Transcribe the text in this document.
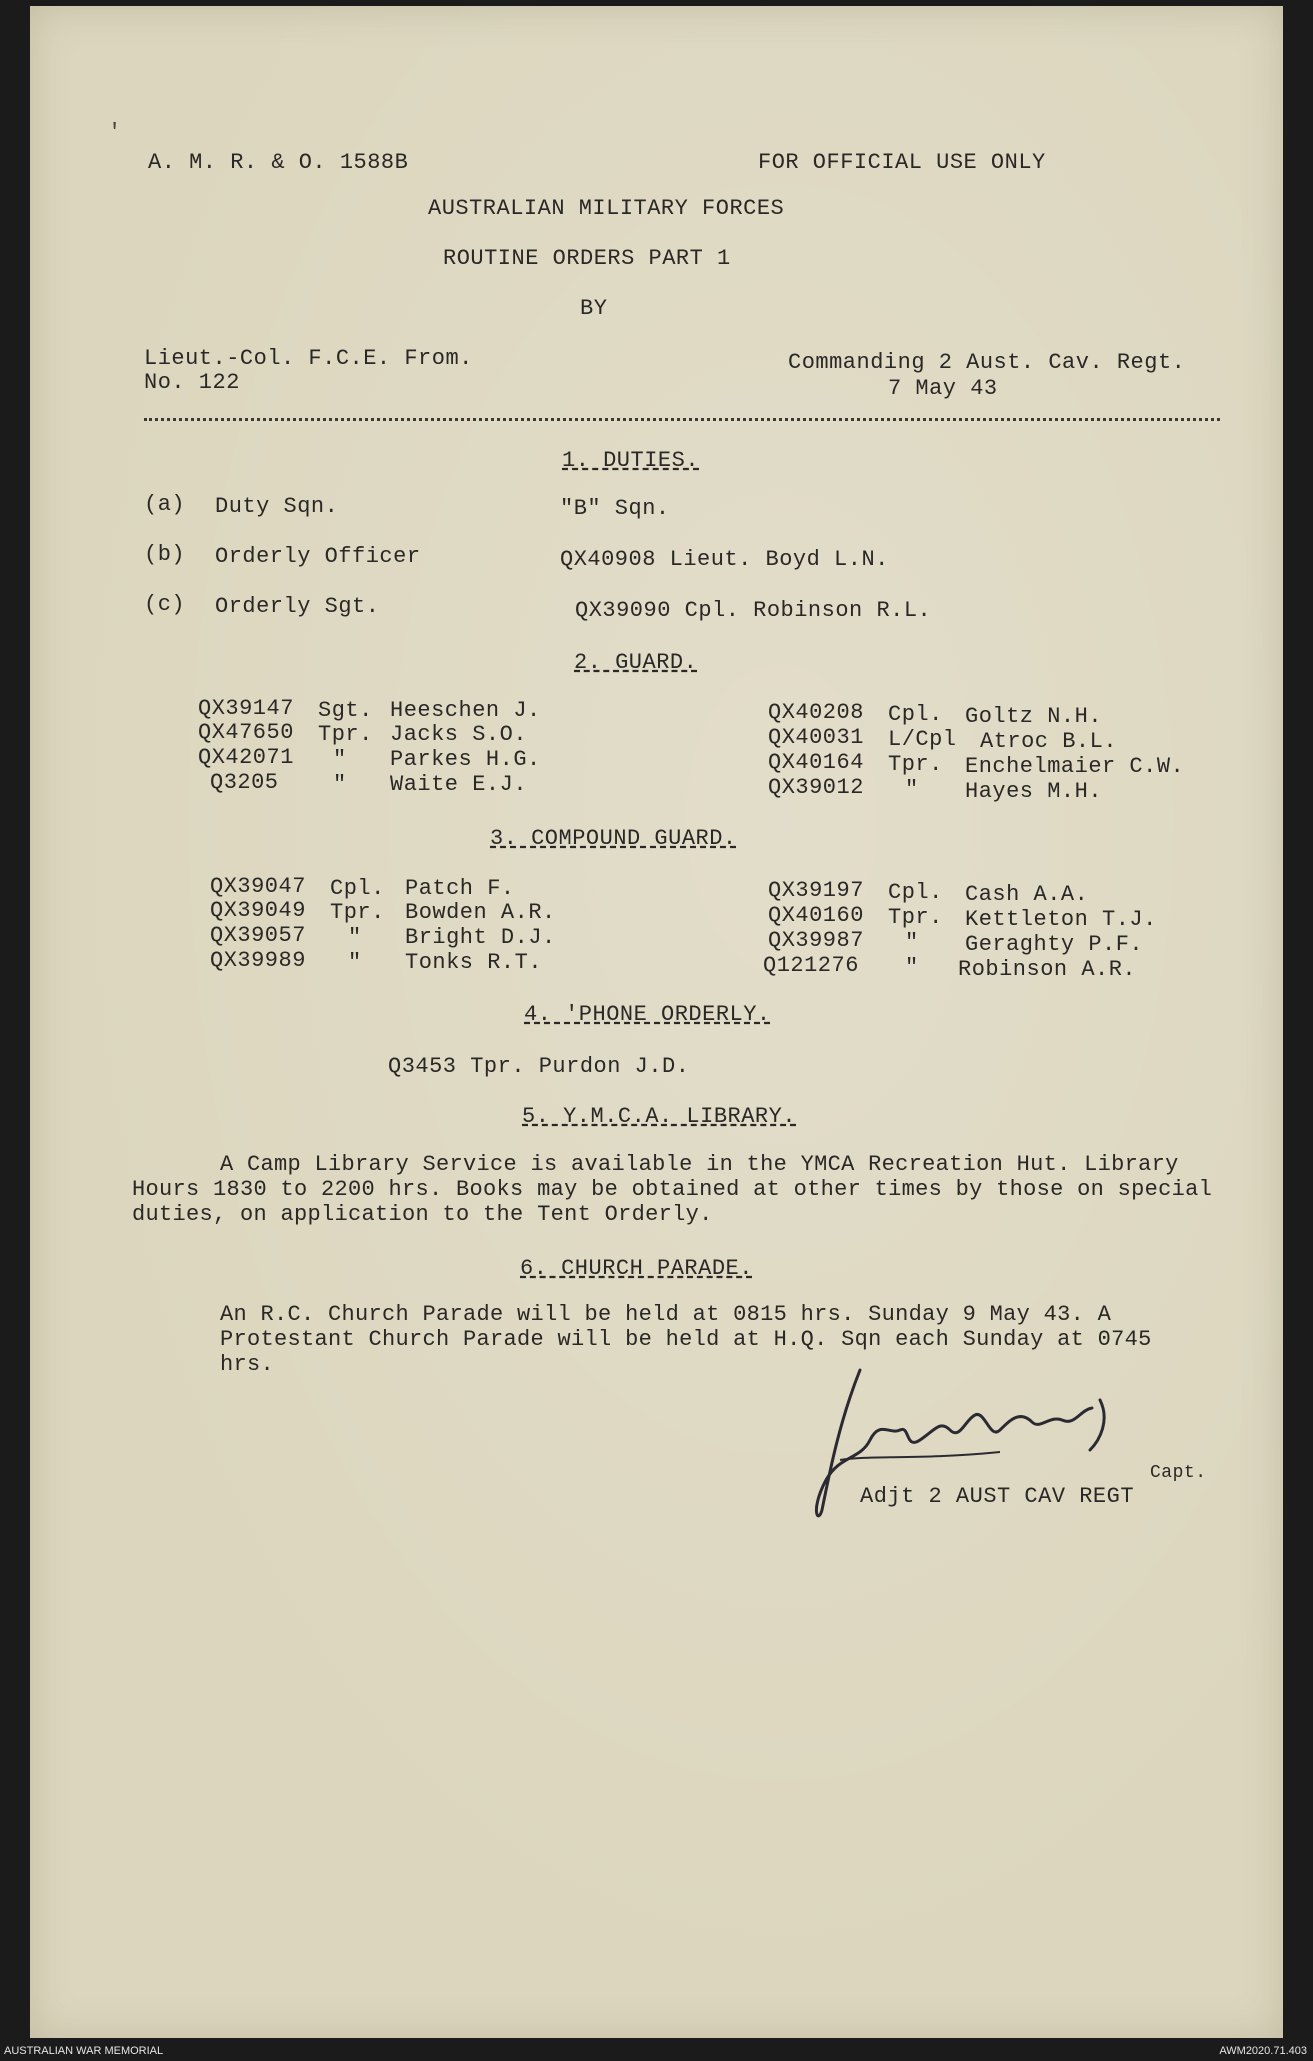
'
A. M. R. & O. 1588B	FOR OFFICIAL USE ONLY
AUSTRALIAN MILITARY FORCES
ROUTINE ORDERS PART 1
BY
Lieut.-Col. F.C.E. From.
No. 122
Commanding 2 Aust. Cav. Regt.
7 May 43
1. DUTIES.
(a) Duty Sqn.	"B" Sqn.
(b) Orderly Officer	QX40908 Lieut. Boyd L.N.
(c) Orderly Sgt.	QX39090 Cpl. Robinson R.L.
2. GUARD.
QX39147 Sgt. Heeschen J.
QX47650 Tpr. Jacks S.O.
QX42071 " Parkes H.G.
Q3205 " Waite E.J.
QX40208 Cpl. Goltz N.H.
QX40031 L/Cpl Atroc B.L.
QX40164 Tpr. Enchelmaier C.W.
QX39012 " Hayes M.H.
3. COMPOUND GUARD.
QX39047 Cpl. Patch F.
QX39049 Tpr. Bowden A.R.
QX39057 " Bright D.J.
QX39989 " Tonks R.T.
QX39197 Cpl. Cash A.A.
QX40160 Tpr. Kettleton T.J.
QX39987 " Geraghty P.F.
Q121276 " Robinson A.R.
4. 'PHONE ORDERLY.
Q3453 Tpr. Purdon J.D.
5. Y.M.C.A. LIBRARY.
A Camp Library Service is available in the YMCA Recreation Hut. Library Hours 1830 to 2200 hrs. Books may be obtained at other times by those on special duties, on application to the Tent Orderly.
6. CHURCH PARADE.
An R.C. Church Parade will be held at 0815 hrs. Sunday 9 May 43. A Protestant Church Parade will be held at H.Q. Sqn each Sunday at 0745 hrs.
Capt.
Adjt 2 AUST CAV REGT
AUSTRALIAN WAR MEMORIAL	AWM2020.71.403
